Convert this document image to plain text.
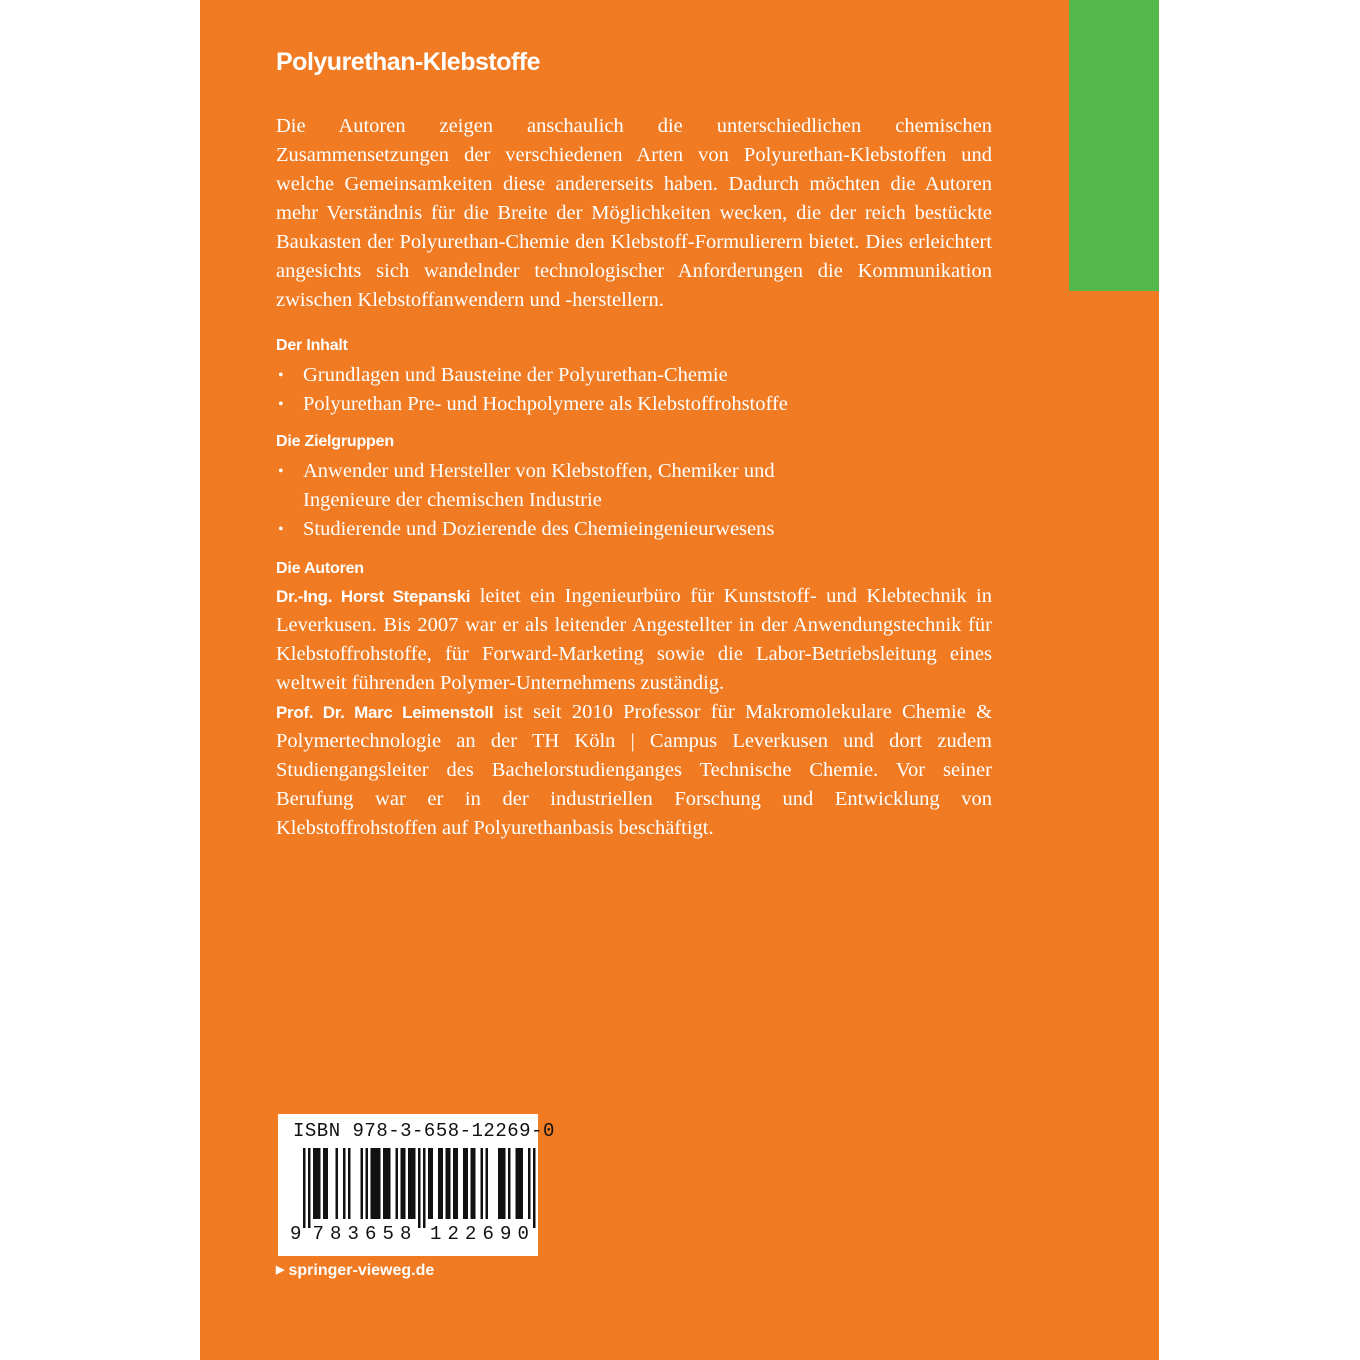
Polyurethan-Klebstoffe

Die Autoren zeigen anschaulich die unterschiedlichen chemischen Zusammensetzungen der verschiedenen Arten von Polyurethan-Klebstoffen und welche Gemeinsamkeiten diese andererseits haben. Dadurch möchten die Autoren mehr Verständnis für die Breite der Möglichkeiten wecken, die der reich bestückte Baukasten der Polyurethan-Chemie den Klebstoff-Formulierern bietet. Dies erleichtert angesichts sich wandelnder technologischer Anforderungen die Kommunikation zwischen Klebstoffanwendern und -herstellern.

Der Inhalt
• Grundlagen und Bausteine der Polyurethan-Chemie
• Polyurethan Pre- und Hochpolymere als Klebstoffrohstoffe
Die Zielgruppen
• Anwender und Hersteller von Klebstoffen, Chemiker und Ingenieure der chemischen Industrie
• Studierende und Dozierende des Chemieingenieurwesens
Die Autoren

Dr.-Ing. Horst Stepanski leitet ein Ingenieurbüro für Kunststoff- und Klebtechnik in Leverkusen. Bis 2007 war er als leitender Angestellter in der Anwendungstechnik für Klebstoffrohstoffe, für Forward-Marketing sowie die Labor-Betriebsleitung eines weltweit führenden Polymer-Unternehmens zuständig.

Prof. Dr. Marc Leimenstoll ist seit 2010 Professor für Makromolekulare Chemie & Polymertechnologie an der TH Köln | Campus Leverkusen und dort zudem Studiengangsleiter des Bachelorstudienganges Technische Chemie. Vor seiner Berufung war er in der industriellen Forschung und Entwicklung von Klebstoffrohstoffen auf Polyurethanbasis beschäftigt.

ISBN 978-3-658-12269-0
9 7 8 3 6 5 8 1 2 2 6 9 0
▶ springer-vieweg.de
